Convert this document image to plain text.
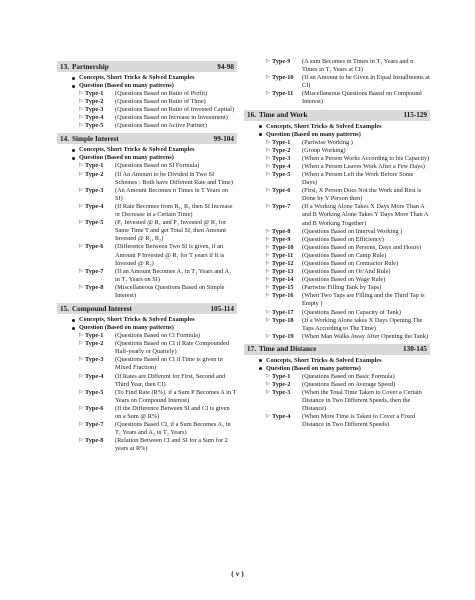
13. Partnership	94-98
Concepts, Short Tricks & Solved Examples
Question (Based on many patterns)
▷ Type-1	(Questions Based on Ratio of Profit)
▷ Type-2	(Questions Based on Ratio of Time)
▷ Type-3	(Questions Based on Ratio of Invested Capital)
▷ Type-4	(Questions Based on Increase in Investment)
▷ Type-5	(Questions Based on Active Partner)
14. Simple Interest	99-104
Concepts, Short Tricks & Solved Examples
Question (Based on many patterns)
▷ Type-1	(Questions Based on SI Formula)
▷ Type-2	(If An Amount to be Divided in Two SI Schemes : Both have Different Rate and Time)
▷ Type-3	(An Amount Becomes n Times in T Years on SI)
▷ Type-4	(If Rate Becomes from R₁, R₂ then SI Increase or Decrease in a Certain Time)
▷ Type-5	(P₁ Invested @ R₁ and P₂ Invested @ R₂ for Same Time T and get Total SI, then Amount Invested @ R₁, R₂)
▷ Type-6	(Difference Between Two SI is given, if an Amount P Invested @ R₁ for T years if It is Invested @ R₂)
▷ Type-7	(If an Amount Becomes A₁ in T₁ Years and A₂ in T₂ Years on SI)
▷ Type-8	(Miscellaneous Questions Based on Simple Interest)
15. Compound Interest	105-114
Concepts, Short Tricks & Solved Examples
Question (Based on many patterns)
▷ Type-1	(Questions Based on CI Formula)
▷ Type-2	(Questions Based on CI if Rate Compounded Half-yearly or Quartely)
▷ Type-3	(Questions Based on CI if Time is given in Mixed Fraction)
▷ Type-4	(If Rates are Different for First, Second and Third Year, then CI)
▷ Type-5	(To Find Rate (R%), if a Sum P Becomes A in T Years on Compound Interest)
▷ Type-6	(If the Difference Between SI and CI is given on a Sum @ R%)
▷ Type-7	(Questions Based CI, if a Sum Becomes A₁ in T₁ Years and A₂ in T₂ Years)
▷ Type-8	(Relation Between CI and SI for a Sum for 2 years at R%)
▷ Type-9	(A sum Becomes m Times in T₁ Years and n Times in T₂ Years at CI)
▷ Type-10	(If an Amount to be Given in Equal Installments at CI)
▷ Type-11	(Miscellaneous Questions Based on Compound Interest)
16. Time and Work	115-129
Concepts, Short Tricks & Solved Examples
Question (Based on many patterns)
▷ Type-1	(Partwise Working )
▷ Type-2	(Group Working)
▷ Type-3	(When a Person Works According to his Capacity)
▷ Type-4	(When a Person Leaves Work After a Few Days)
▷ Type-5	(When a Person Left the Work Before Some Days)
▷ Type-6	(First, X Person Does Not the Work and Rest is Done by Y Person then)
▷ Type-7	(If a Working Alone Takes X Days More Than A and B Working Alone Takes Y Days More Than A and B Working Together)
▷ Type-8	(Questions Based on Interval Working )
▷ Type-9	(Questions Based on Efficiency)
▷ Type-10	(Questions Based on Persons, Days and Hours)
▷ Type-11	(Questions Based on Camp Rule)
▷ Type-12	(Questions Based on Contractor Rule)
▷ Type-13	(Questions Based on Or/And Rule)
▷ Type-14	(Questions Based on Wage Rule)
▷ Type-15	(Partwise Filling Tank by Taps)
▷ Type-16	(When Two Taps are Filling and the Third Tap is Empty )
▷ Type-17	(Questions Based on Capacity of Tank)
▷ Type-18	(If a Working Alone takes X Days Opening The Taps According to The Time)
▷ Type-19	(When Man Walks Away After Opening the Tank)
17. Time and Distance	130-145
Concepts, Short Tricks & Solved Examples
Question (Based on many patterns)
▷ Type-1	(Questions Based on Basic Formula)
▷ Type-2	(Questions Based on Average Speed)
▷ Type-3	(When the Total Time Taken to Cover a Certain Distance in Two Different Speeds, then the Distance)
▷ Type-4	(When More Time is Taken to Cover a Fixed Distance in Two Different Speeds)
( v )
